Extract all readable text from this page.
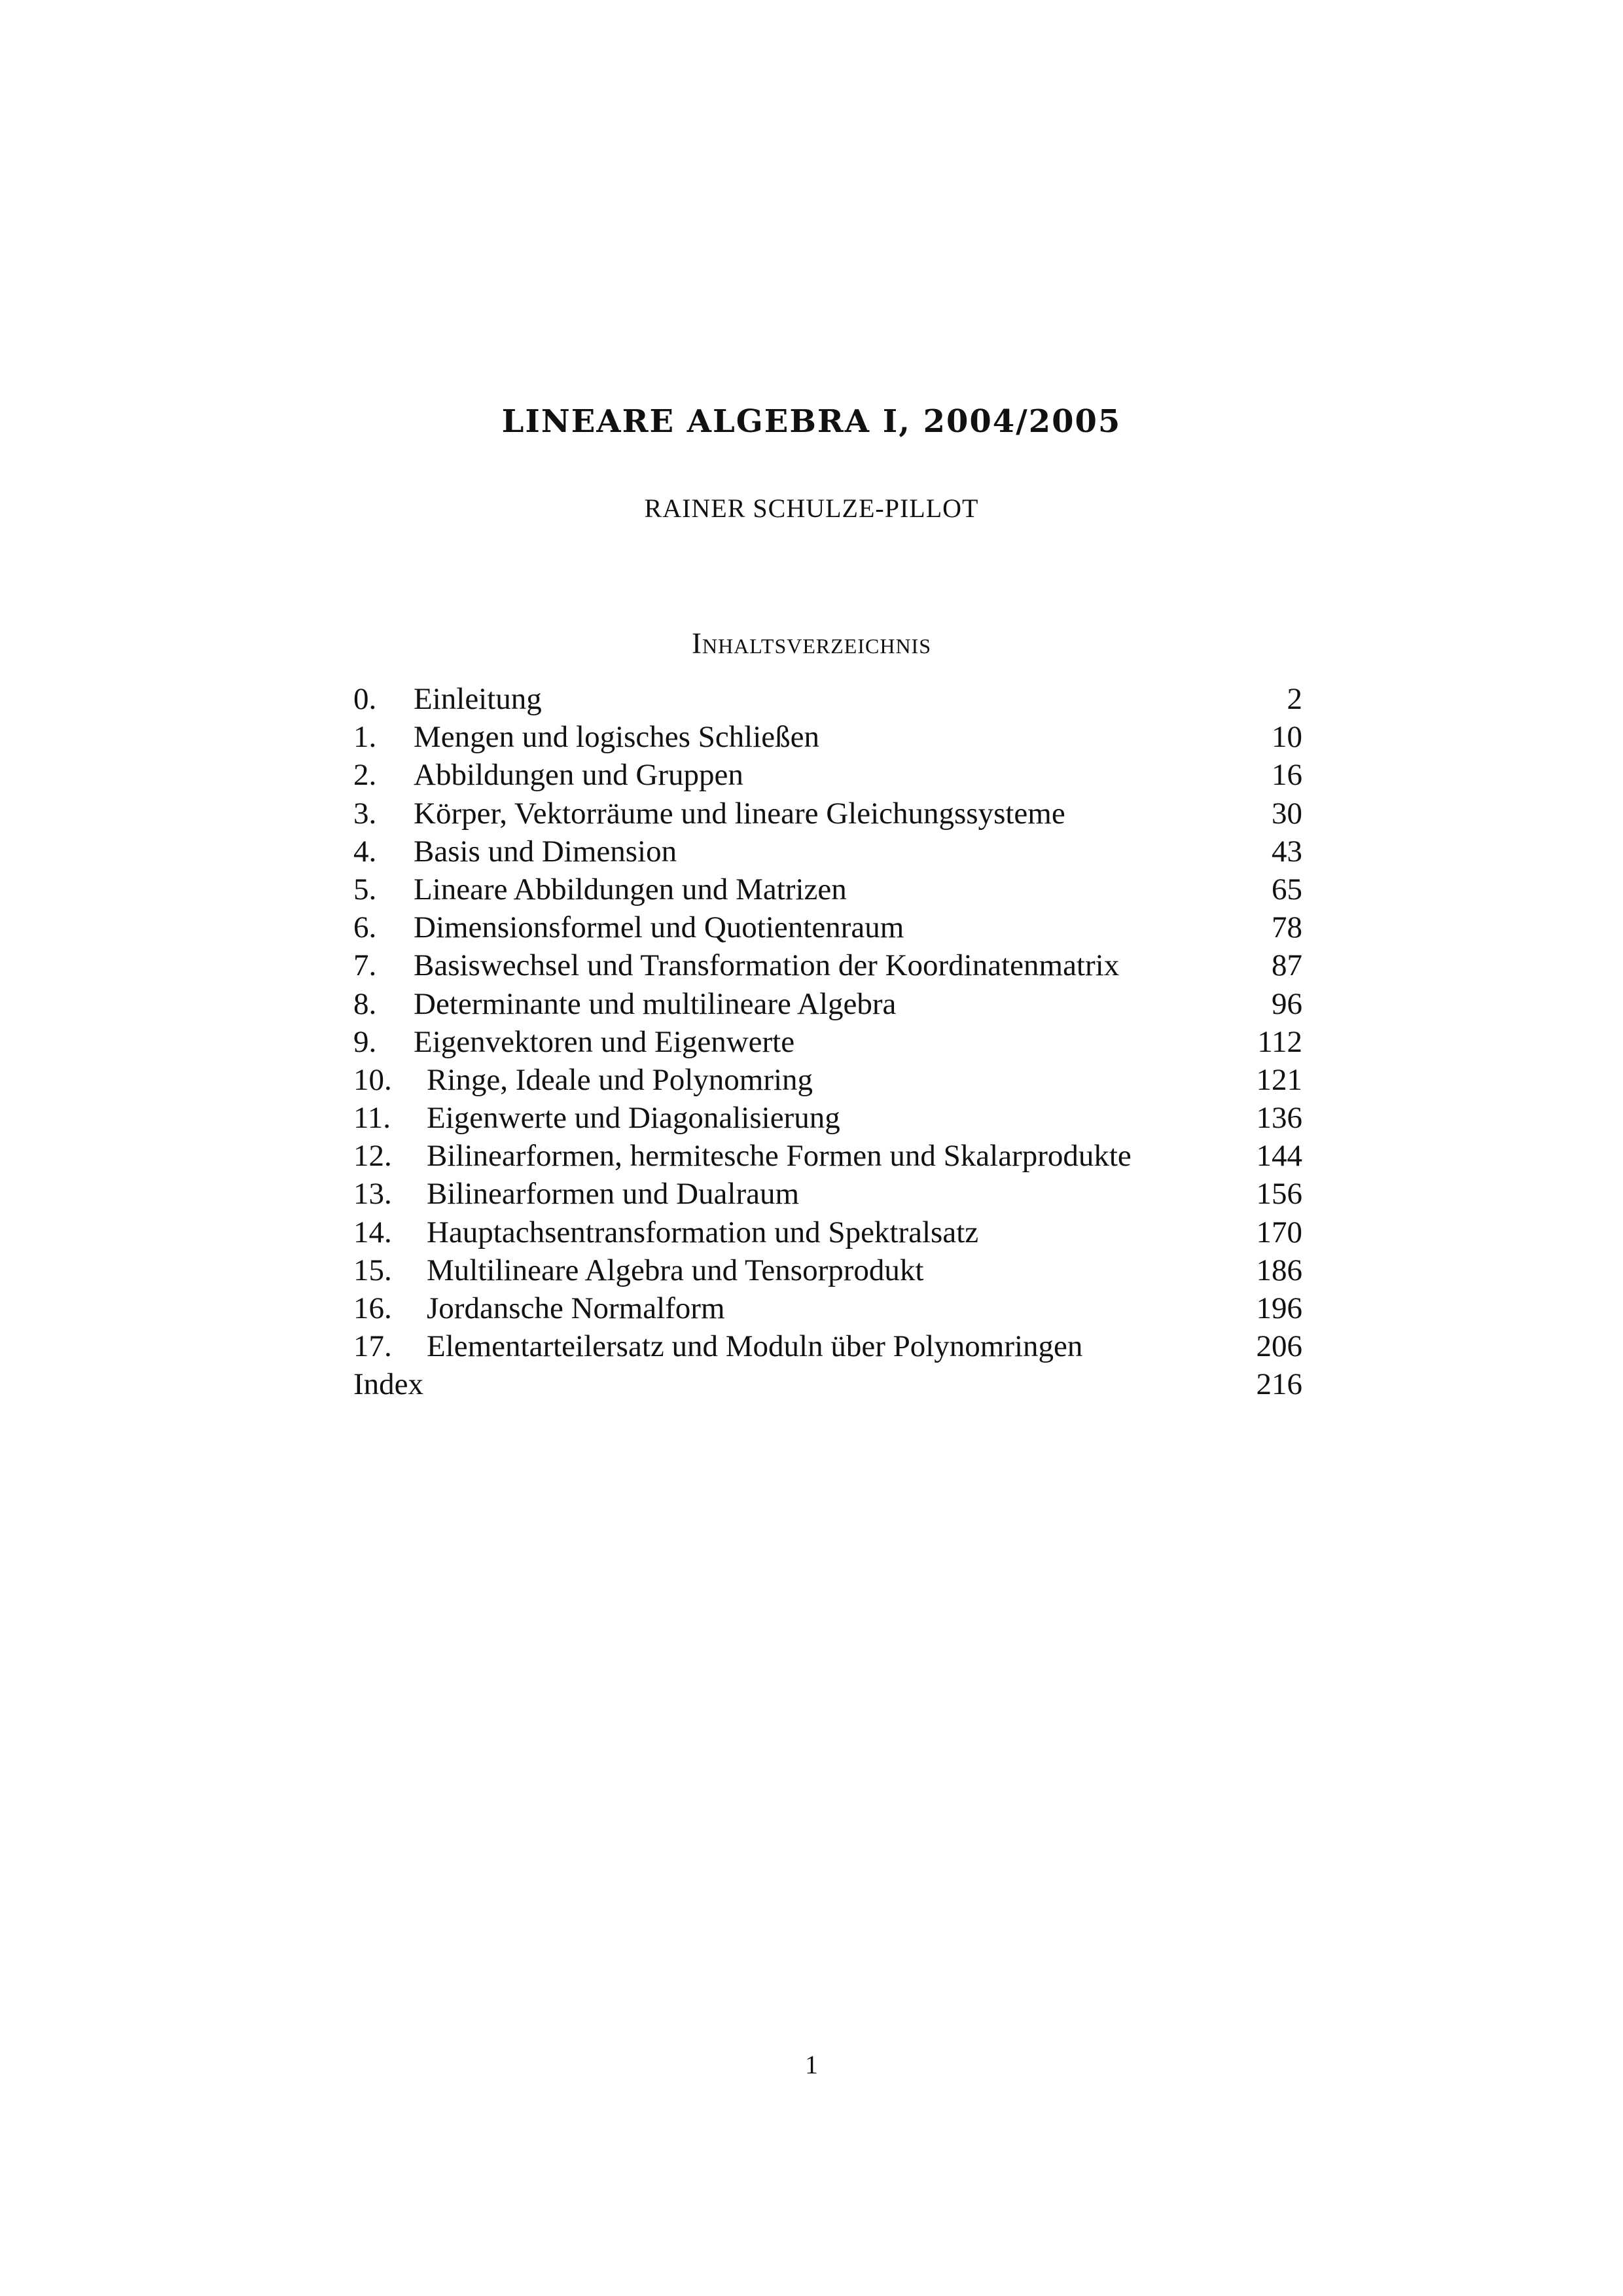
LINEARE ALGEBRA I, 2004/2005
RAINER SCHULZE-PILLOT
Inhaltsverzeichnis
0. Einleitung	2
1. Mengen und logisches Schließen	10
2. Abbildungen und Gruppen	16
3. Körper, Vektorräume und lineare Gleichungssysteme	30
4. Basis und Dimension	43
5. Lineare Abbildungen und Matrizen	65
6. Dimensionsformel und Quotientenraum	78
7. Basiswechsel und Transformation der Koordinatenmatrix	87
8. Determinante und multilineare Algebra	96
9. Eigenvektoren und Eigenwerte	112
10. Ringe, Ideale und Polynomring	121
11. Eigenwerte und Diagonalisierung	136
12. Bilinearformen, hermitesche Formen und Skalarprodukte	144
13. Bilinearformen und Dualraum	156
14. Hauptachsentransformation und Spektralsatz	170
15. Multilineare Algebra und Tensorprodukt	186
16. Jordansche Normalform	196
17. Elementarteilersatz und Moduln über Polynomringen	206
Index	216
1
